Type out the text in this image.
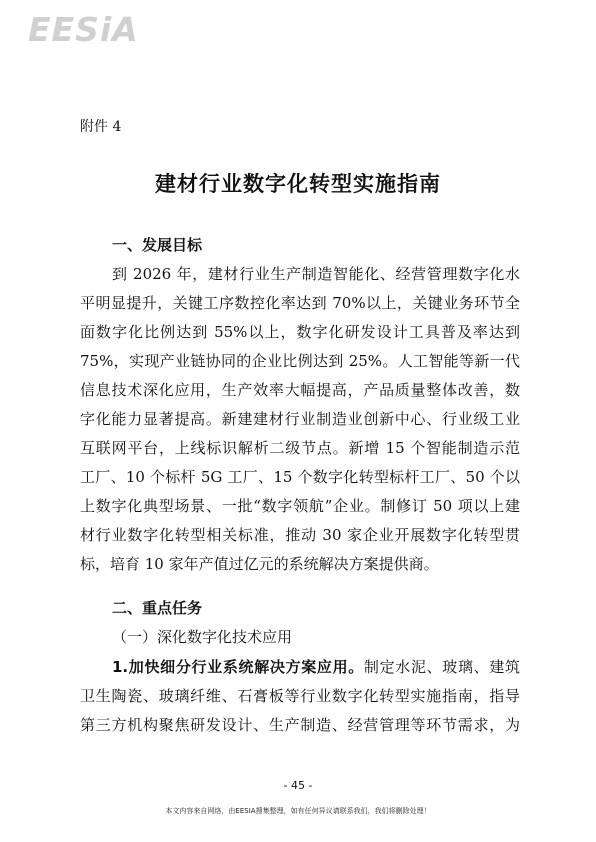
EESiA
附件 4
建材行业数字化转型实施指南
一、发展目标
到 2026 年，建材行业生产制造智能化、经营管理数字化水
平明显提升，关键工序数控化率达到 70%以上，关键业务环节全
面数字化比例达到 55%以上，数字化研发设计工具普及率达到
75%，实现产业链协同的企业比例达到 25%。人工智能等新一代
信息技术深化应用，生产效率大幅提高，产品质量整体改善，数
字化能力显著提高。新建建材行业制造业创新中心、行业级工业
互联网平台，上线标识解析二级节点。新增 15 个智能制造示范
工厂、10 个标杆 5G 工厂、15 个数字化转型标杆工厂、50 个以
上数字化典型场景、一批“数字领航”企业。制修订 50 项以上建
材行业数字化转型相关标准，推动 30 家企业开展数字化转型贯
标，培育 10 家年产值过亿元的系统解决方案提供商。
二、重点任务
（一）深化数字化技术应用
1.加快细分行业系统解决方案应用。制定水泥、玻璃、建筑
卫生陶瓷、玻璃纤维、石膏板等行业数字化转型实施指南，指导
第三方机构聚焦研发设计、生产制造、经营管理等环节需求，为
- 45 -
本文内容来自网络，由EESIA搜集整理，如有任何异议请联系我们，我们将删除处理！
